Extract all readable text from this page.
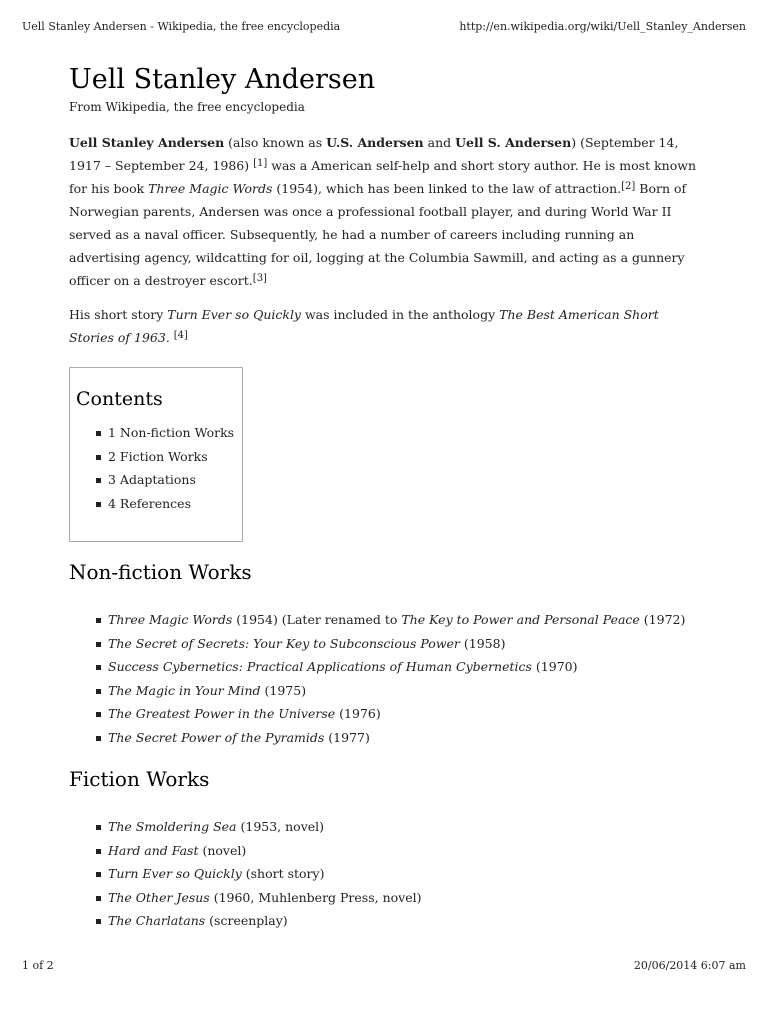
Uell Stanley Andersen - Wikipedia, the free encyclopedia	http://en.wikipedia.org/wiki/Uell_Stanley_Andersen
Uell Stanley Andersen
From Wikipedia, the free encyclopedia

Uell Stanley Andersen (also known as U.S. Andersen and Uell S. Andersen) (September 14, 1917 – September 24, 1986) [1] was a American self-help and short story author. He is most known for his book Three Magic Words (1954), which has been linked to the law of attraction.[2] Born of Norwegian parents, Andersen was once a professional football player, and during World War II served as a naval officer. Subsequently, he had a number of careers including running an advertising agency, wildcatting for oil, logging at the Columbia Sawmill, and acting as a gunnery officer on a destroyer escort.[3]

His short story Turn Ever so Quickly was included in the anthology The Best American Short Stories of 1963. [4]

Contents
1 Non-fiction Works
2 Fiction Works
3 Adaptations
4 References
Non-fiction Works
Three Magic Words (1954) (Later renamed to The Key to Power and Personal Peace (1972)
The Secret of Secrets: Your Key to Subconscious Power (1958)
Success Cybernetics: Practical Applications of Human Cybernetics (1970)
The Magic in Your Mind (1975)
The Greatest Power in the Universe (1976)
The Secret Power of the Pyramids (1977)
Fiction Works
The Smoldering Sea (1953, novel)
Hard and Fast (novel)
Turn Ever so Quickly (short story)
The Other Jesus (1960, Muhlenberg Press, novel)
The Charlatans (screenplay)
1 of 2	20/06/2014 6:07 am
